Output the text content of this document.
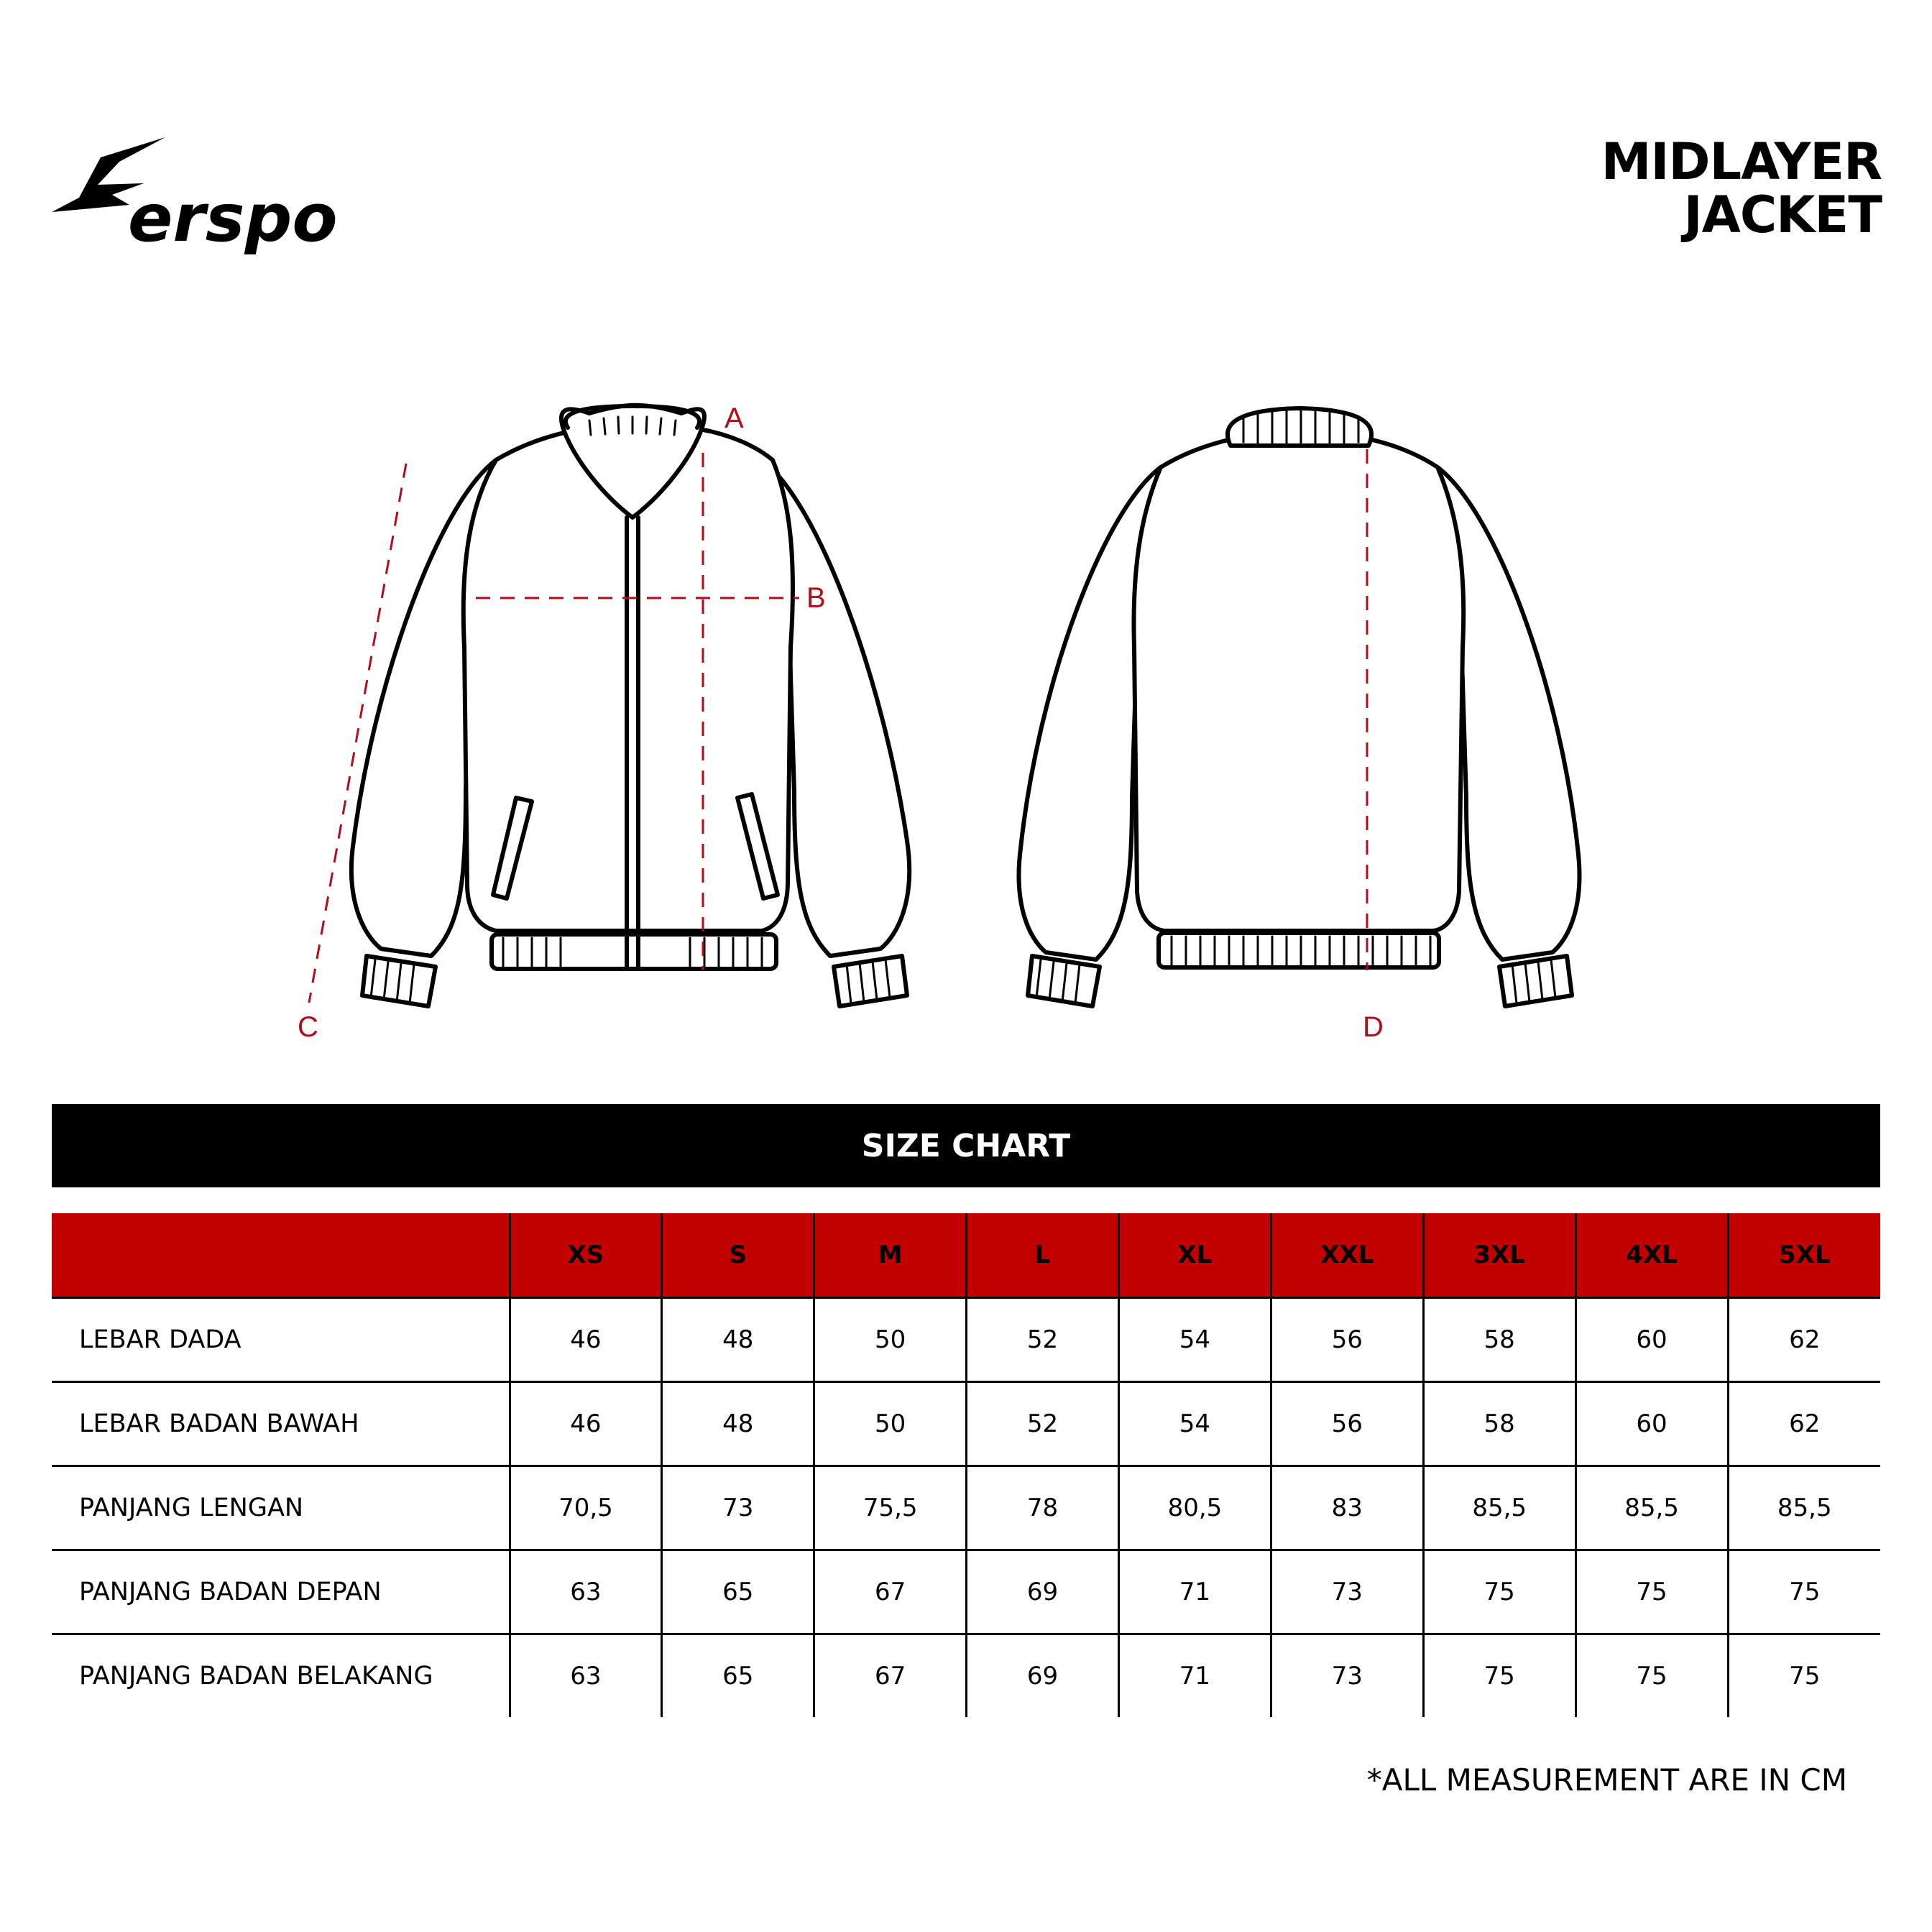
erspo
MIDLAYER
JACKET
A
B
C	D
SIZE CHART
	XS	S	M	L	XL	XXL	3XL	4XL	5XL
LEBAR DADA	46	48	50	52	54	56	58	60	62
LEBAR BADAN BAWAH	46	48	50	52	54	56	58	60	62
PANJANG LENGAN	70,5	73	75,5	78	80,5	83	85,5	85,5	85,5
PANJANG BADAN DEPAN	63	65	67	69	71	73	75	75	75
PANJANG BADAN BELAKANG	63	65	67	69	71	73	75	75	75
*ALL MEASUREMENT ARE IN CM
